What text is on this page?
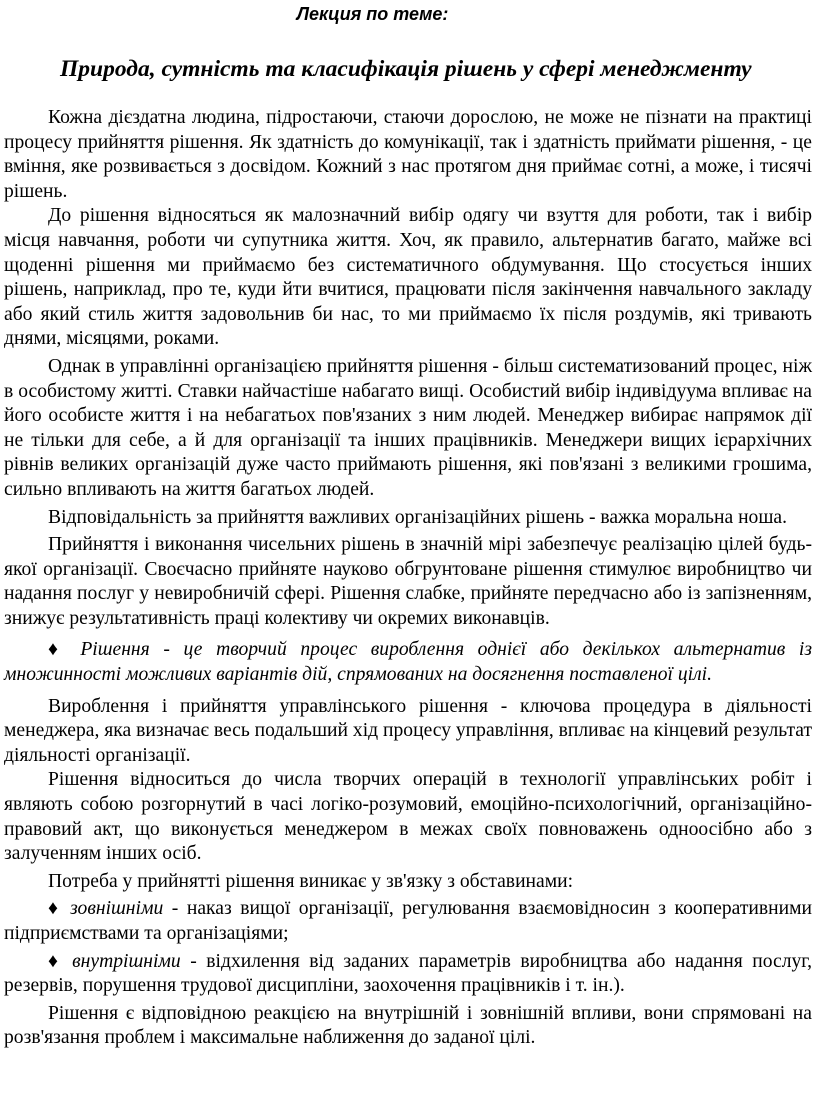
Лекция по теме:
Природа, сутність та класифікація рішень у сфері менеджменту

Кожна дієздатна людина, підростаючи, стаючи дорослою, не може не пізнати на практиці процесу прийняття рішення. Як здатність до комунікації, так і здатність приймати рішення, - це вміння, яке розвивається з досвідом. Кожний з нас протягом дня приймає сотні, а може, і тисячі рішень.

До рішення відносяться як малозначний вибір одягу чи взуття для роботи, так і вибір місця навчання, роботи чи супутника життя. Хоч, як правило, альтернатив багато, майже всі щоденні рішення ми приймаємо без систематичного обдумування. Що стосується інших рішень, наприклад, про те, куди йти вчитися, працювати після закінчення навчального закладу або який стиль життя задовольнив би нас, то ми приймаємо їх після роздумів, які тривають днями, місяцями, роками.

Однак в управлінні організацією прийняття рішення - більш систематизований процес, ніж в особистому житті. Ставки найчастіше набагато вищі. Особистий вибір індивідуума впливає на його особисте життя і на небагатьох пов'язаних з ним людей. Менеджер вибирає напрямок дії не тільки для себе, а й для організації та інших працівників. Менеджери вищих ієрархічних рівнів великих організацій дуже часто приймають рішення, які пов'язані з великими грошима, сильно впливають на життя багатьох людей.

Відповідальність за прийняття важливих організаційних рішень - важка моральна ноша.

Прийняття і виконання чисельних рішень в значній мірі забезпечує реалізацію цілей будь-якої організації. Своєчасно прийняте науково обгрунтоване рішення стимулює виробництво чи надання послуг у невиробничій сфері. Рішення слабке, прийняте передчасно або із запізненням, знижує результативність праці колективу чи окремих виконавців.

♦ Рішення - це творчий процес вироблення однієї або декількох альтернатив із множинності можливих варіантів дій, спрямованих на досягнення поставленої цілі.

Вироблення і прийняття управлінського рішення - ключова процедура в діяльності менеджера, яка визначає весь подальший хід процесу управління, впливає на кінцевий результат діяльності організації.

Рішення відноситься до числа творчих операцій в технології управлінських робіт і являють собою розгорнутий в часі логіко-розумовий, емоційно-психологічний, організаційно-правовий акт, що виконується менеджером в межах своїх повноважень одноосібно або з залученням інших осіб.

Потреба у прийнятті рішення виникає у зв'язку з обставинами:

♦ зовнішніми - наказ вищої організації, регулювання взаємовідносин з кооперативними підприємствами та організаціями;

♦ внутрішніми - відхилення від заданих параметрів виробництва або надання послуг, резервів, порушення трудової дисципліни, заохочення працівників і т. ін.).

Рішення є відповідною реакцією на внутрішній і зовнішній впливи, вони спрямовані на розв'язання проблем і максимальне наближення до заданої цілі.
